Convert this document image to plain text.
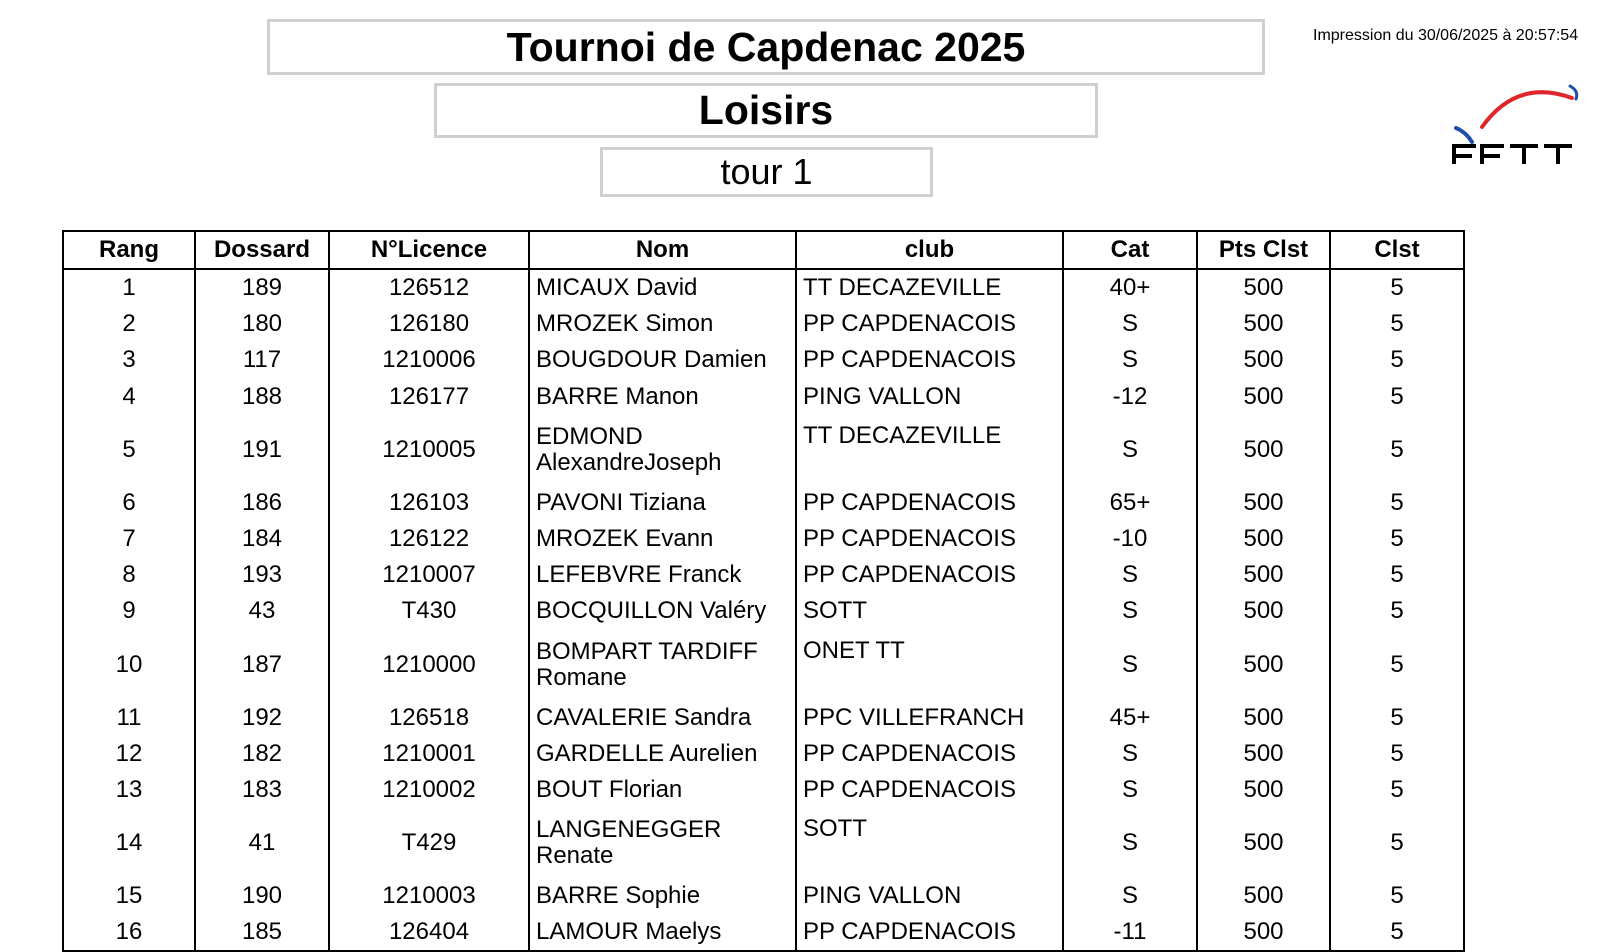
Tournoi de Capdenac 2025
Loisirs
tour 1
Impression du 30/06/2025 à 20:57:54
Rang	Dossard	N°Licence	Nom	club	Cat	Pts Clst	Clst
1	189	126512	MICAUX David	TT DECAZEVILLE	40+	500	5
2	180	126180	MROZEK Simon	PP CAPDENACOIS	S	500	5
3	117	1210006	BOUGDOUR Damien	PP CAPDENACOIS	S	500	5
4	188	126177	BARRE Manon	PING VALLON	-12	500	5
5	191	1210005	EDMOND AlexandreJoseph	TT DECAZEVILLE	S	500	5
6	186	126103	PAVONI Tiziana	PP CAPDENACOIS	65+	500	5
7	184	126122	MROZEK Evann	PP CAPDENACOIS	-10	500	5
8	193	1210007	LEFEBVRE Franck	PP CAPDENACOIS	S	500	5
9	43	T430	BOCQUILLON Valéry	SOTT	S	500	5
10	187	1210000	BOMPART TARDIFF Romane	ONET TT	S	500	5
11	192	126518	CAVALERIE Sandra	PPC VILLEFRANCH	45+	500	5
12	182	1210001	GARDELLE Aurelien	PP CAPDENACOIS	S	500	5
13	183	1210002	BOUT Florian	PP CAPDENACOIS	S	500	5
14	41	T429	LANGENEGGER Renate	SOTT	S	500	5
15	190	1210003	BARRE Sophie	PING VALLON	S	500	5
16	185	126404	LAMOUR Maelys	PP CAPDENACOIS	-11	500	5
